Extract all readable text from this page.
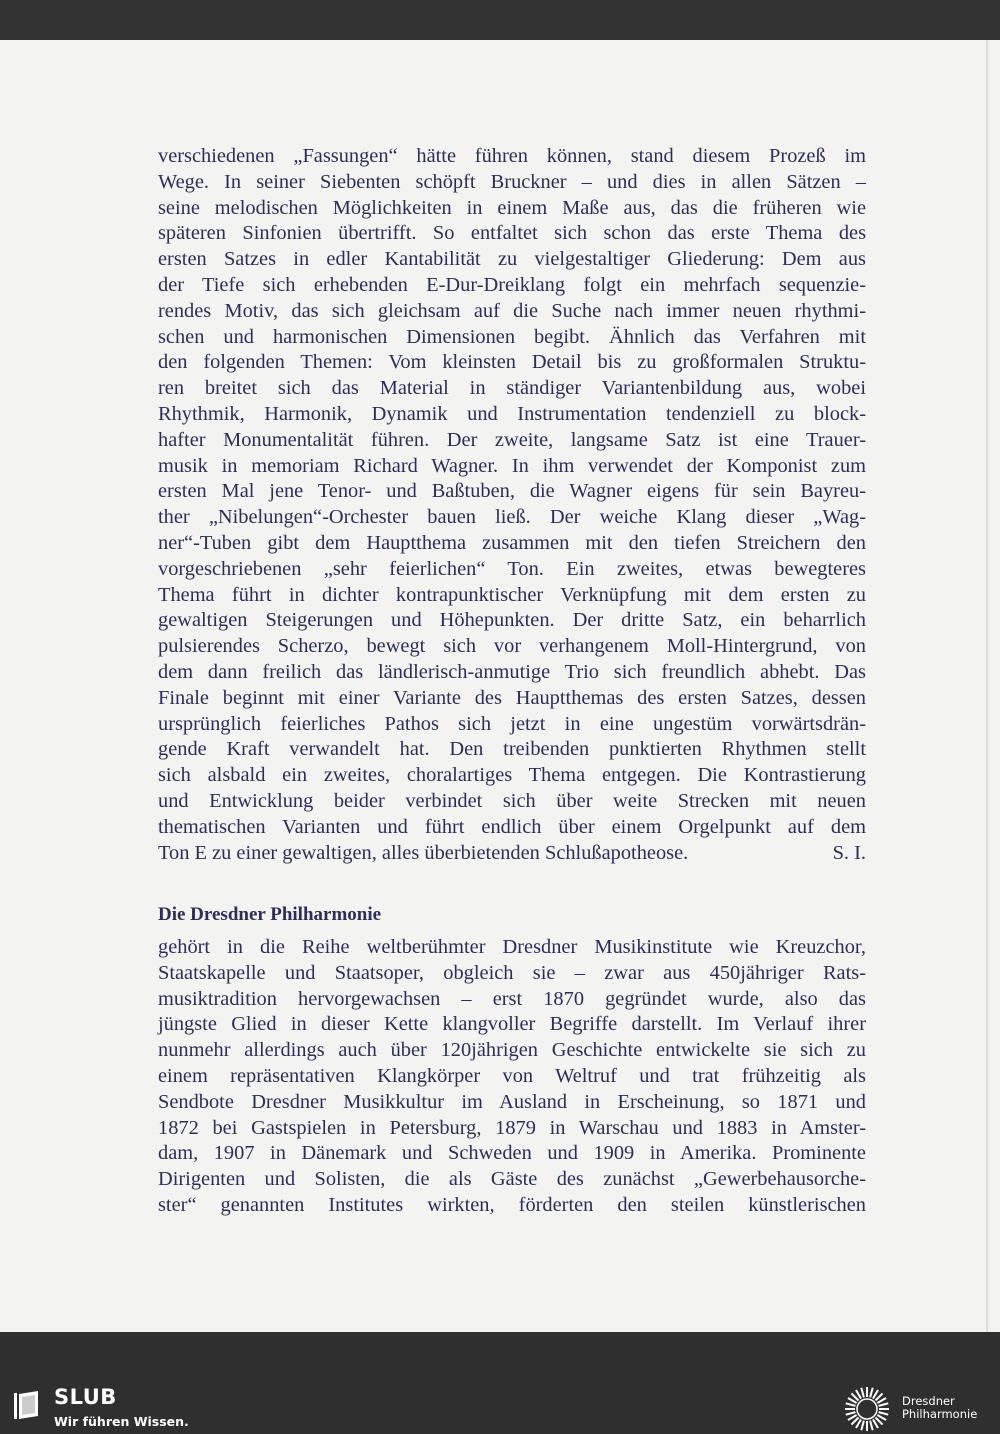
verschiedenen „Fassungen“ hätte führen können, stand diesem Prozeß im
Wege. In seiner Siebenten schöpft Bruckner – und dies in allen Sätzen –
seine melodischen Möglichkeiten in einem Maße aus, das die früheren wie
späteren Sinfonien übertrifft. So entfaltet sich schon das erste Thema des
ersten Satzes in edler Kantabilität zu vielgestaltiger Gliederung: Dem aus
der Tiefe sich erhebenden E-Dur-Dreiklang folgt ein mehrfach sequenzie-
rendes Motiv, das sich gleichsam auf die Suche nach immer neuen rhythmi-
schen und harmonischen Dimensionen begibt. Ähnlich das Verfahren mit
den folgenden Themen: Vom kleinsten Detail bis zu großformalen Struktu-
ren breitet sich das Material in ständiger Variantenbildung aus, wobei
Rhythmik, Harmonik, Dynamik und Instrumentation tendenziell zu block-
hafter Monumentalität führen. Der zweite, langsame Satz ist eine Trauer-
musik in memoriam Richard Wagner. In ihm verwendet der Komponist zum
ersten Mal jene Tenor- und Baßtuben, die Wagner eigens für sein Bayreu-
ther „Nibelungen“-Orchester bauen ließ. Der weiche Klang dieser „Wag-
ner“-Tuben gibt dem Hauptthema zusammen mit den tiefen Streichern den
vorgeschriebenen „sehr feierlichen“ Ton. Ein zweites, etwas bewegteres
Thema führt in dichter kontrapunktischer Verknüpfung mit dem ersten zu
gewaltigen Steigerungen und Höhepunkten. Der dritte Satz, ein beharrlich
pulsierendes Scherzo, bewegt sich vor verhangenem Moll-Hintergrund, von
dem dann freilich das ländlerisch-anmutige Trio sich freundlich abhebt. Das
Finale beginnt mit einer Variante des Hauptthemas des ersten Satzes, dessen
ursprünglich feierliches Pathos sich jetzt in eine ungestüm vorwärtsdrän-
gende Kraft verwandelt hat. Den treibenden punktierten Rhythmen stellt
sich alsbald ein zweites, choralartiges Thema entgegen. Die Kontrastierung
und Entwicklung beider verbindet sich über weite Strecken mit neuen
thematischen Varianten und führt endlich über einem Orgelpunkt auf dem
Ton E zu einer gewaltigen, alles überbietenden Schlußapotheose.	S. I.
Die Dresdner Philharmonie
gehört in die Reihe weltberühmter Dresdner Musikinstitute wie Kreuzchor,
Staatskapelle und Staatsoper, obgleich sie – zwar aus 450jähriger Rats-
musiktradition hervorgewachsen – erst 1870 gegründet wurde, also das
jüngste Glied in dieser Kette klangvoller Begriffe darstellt. Im Verlauf ihrer
nunmehr allerdings auch über 120jährigen Geschichte entwickelte sie sich zu
einem repräsentativen Klangkörper von Weltruf und trat frühzeitig als
Sendbote Dresdner Musikkultur im Ausland in Erscheinung, so 1871 und
1872 bei Gastspielen in Petersburg, 1879 in Warschau und 1883 in Amster-
dam, 1907 in Dänemark und Schweden und 1909 in Amerika. Prominente
Dirigenten und Solisten, die als Gäste des zunächst „Gewerbehausorche-
ster“ genannten Institutes wirkten, förderten den steilen künstlerischen
SLUB
Wir führen Wissen.
Dresdner
Philharmonie
